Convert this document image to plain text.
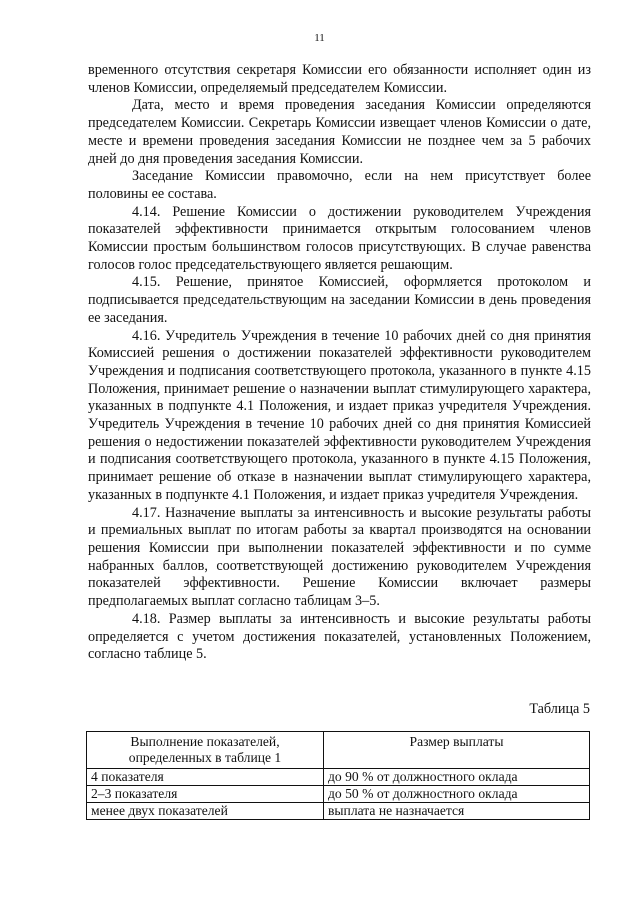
11

временного отсутствия секретаря Комиссии его обязанности исполняет один из членов Комиссии, определяемый председателем Комиссии.

Дата, место и время проведения заседания Комиссии определяются председателем Комиссии. Секретарь Комиссии извещает членов Комиссии о дате, месте и времени проведения заседания Комиссии не позднее чем за 5 рабочих дней до дня проведения заседания Комиссии.

Заседание Комиссии правомочно, если на нем присутствует более половины ее состава.

4.14. Решение Комиссии о достижении руководителем Учреждения показателей эффективности принимается открытым голосованием членов Комиссии простым большинством голосов присутствующих. В случае равенства голосов голос председательствующего является решающим.

4.15. Решение, принятое Комиссией, оформляется протоколом и подписывается председательствующим на заседании Комиссии в день проведения ее заседания.

4.16. Учредитель Учреждения в течение 10 рабочих дней со дня принятия Комиссией решения о достижении показателей эффективности руководителем Учреждения и подписания соответствующего протокола, указанного в пункте 4.15 Положения, принимает решение о назначении выплат стимулирующего характера, указанных в подпункте 4.1 Положения, и издает приказ учредителя Учреждения. Учредитель Учреждения в течение 10 рабочих дней со дня принятия Комиссией решения о недостижении показателей эффективности руководителем Учреждения и подписания соответствующего протокола, указанного в пункте 4.15 Положения, принимает решение об отказе в назначении выплат стимулирующего характера, указанных в подпункте 4.1 Положения, и издает приказ учредителя Учреждения.

4.17. Назначение выплаты за интенсивность и высокие результаты работы и премиальных выплат по итогам работы за квартал производятся на основании решения Комиссии при выполнении показателей эффективности и по сумме набранных баллов, соответствующей достижению руководителем Учреждения показателей эффективности. Решение Комиссии включает размеры предполагаемых выплат согласно таблицам 3–5.

4.18. Размер выплаты за интенсивность и высокие результаты работы определяется с учетом достижения показателей, установленных Положением, согласно таблице 5.

Таблица 5
Выполнение показателей, определенных в таблице 1	Размер выплаты
4 показателя	до 90 % от должностного оклада
2–3 показателя	до 50 % от должностного оклада
менее двух показателей	выплата не назначается
